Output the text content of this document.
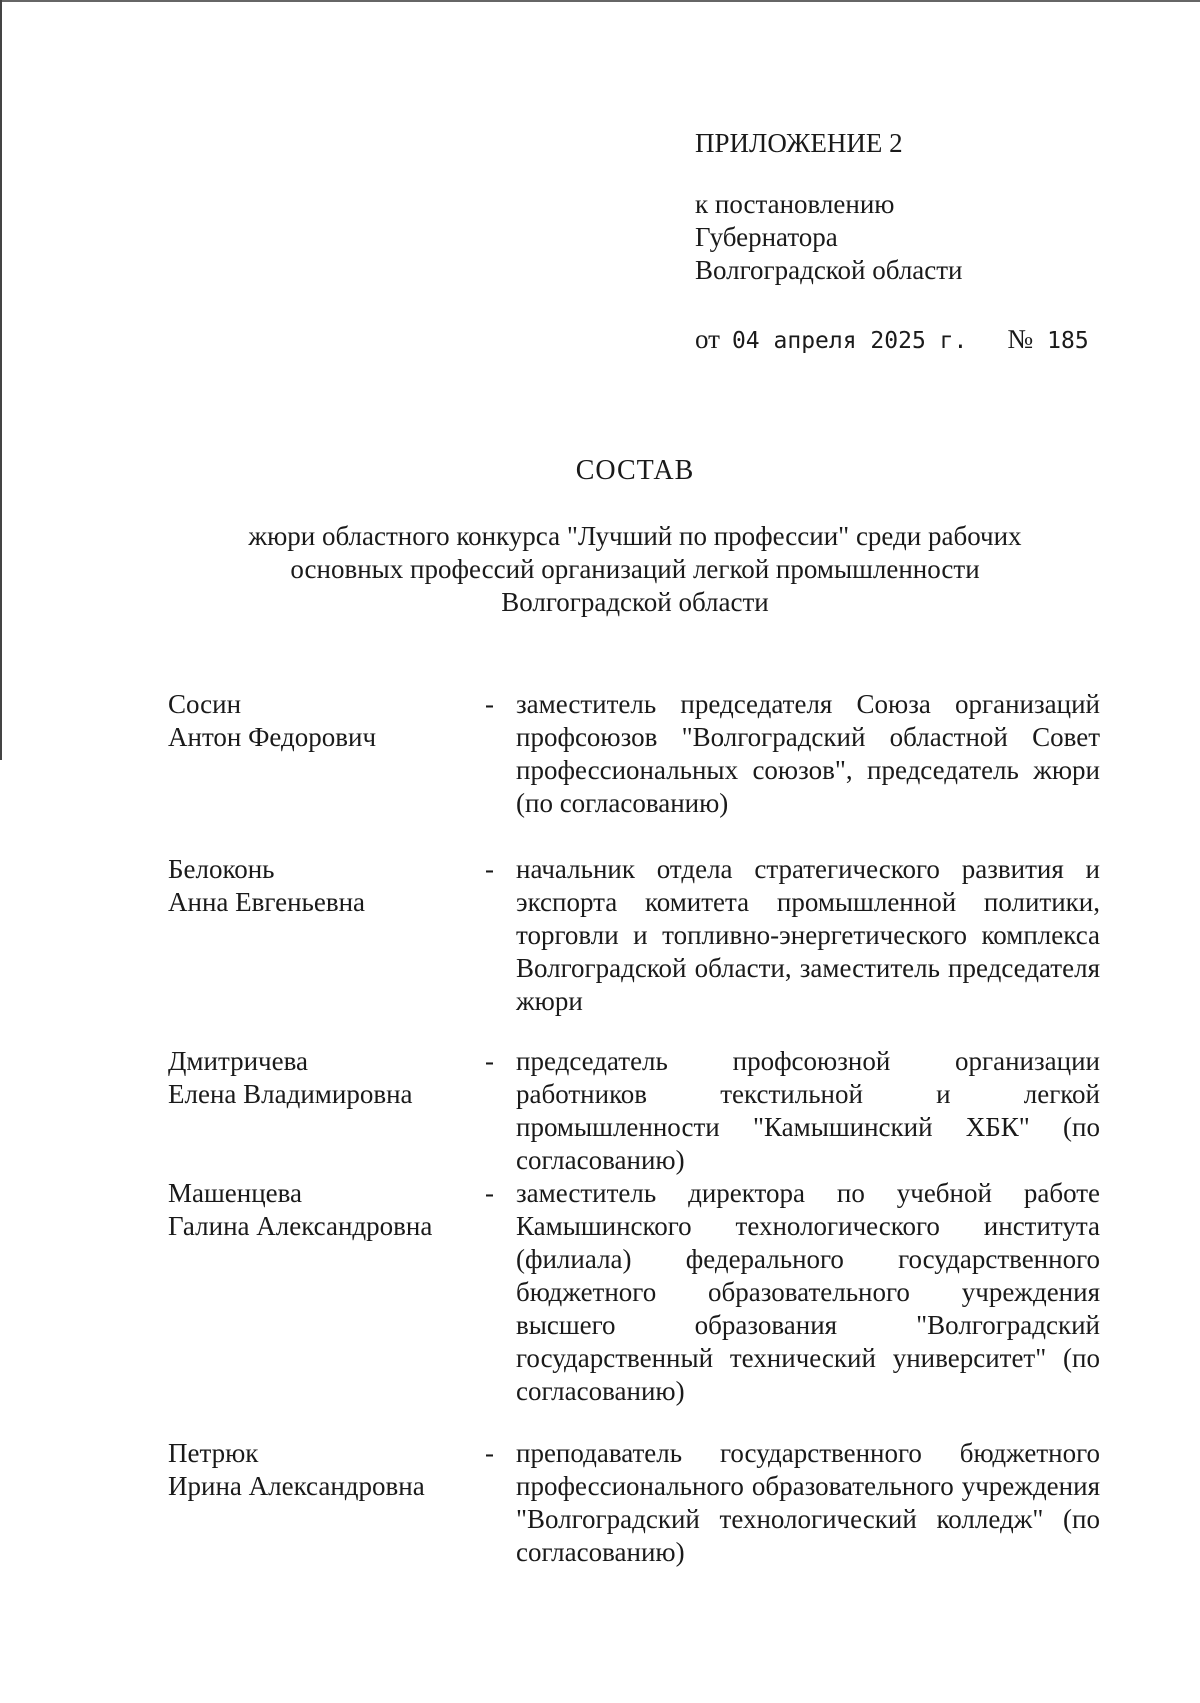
ПРИЛОЖЕНИЕ 2
к постановлению
Губернатора
Волгоградской области
от 04 апреля 2025 г. № 185
СОСТАВ
жюри областного конкурса "Лучший по профессии" среди рабочих
основных профессий организаций легкой промышленности
Волгоградской области
Сосин
Антон Федорович
- заместитель председателя Союза организаций профсоюзов "Волгоградский областной Совет профессиональных союзов", председатель жюри (по согласованию)
Белоконь
Анна Евгеньевна
- начальник отдела стратегического развития и экспорта комитета промышленной политики, торговли и топливно-энергетического комплекса Волгоградской области, заместитель председателя жюри
Дмитричева
Елена Владимировна
- председатель профсоюзной организации работников текстильной и легкой промышленности "Камышинский ХБК" (по согласованию)
Машенцева
Галина Александровна
- заместитель директора по учебной работе Камышинского технологического института (филиала) федерального государственного бюджетного образовательного учреждения высшего образования "Волгоградский государственный технический университет" (по согласованию)
Петрюк
Ирина Александровна
- преподаватель государственного бюджетного профессионального образовательного учреждения "Волгоградский технологический колледж" (по согласованию)
